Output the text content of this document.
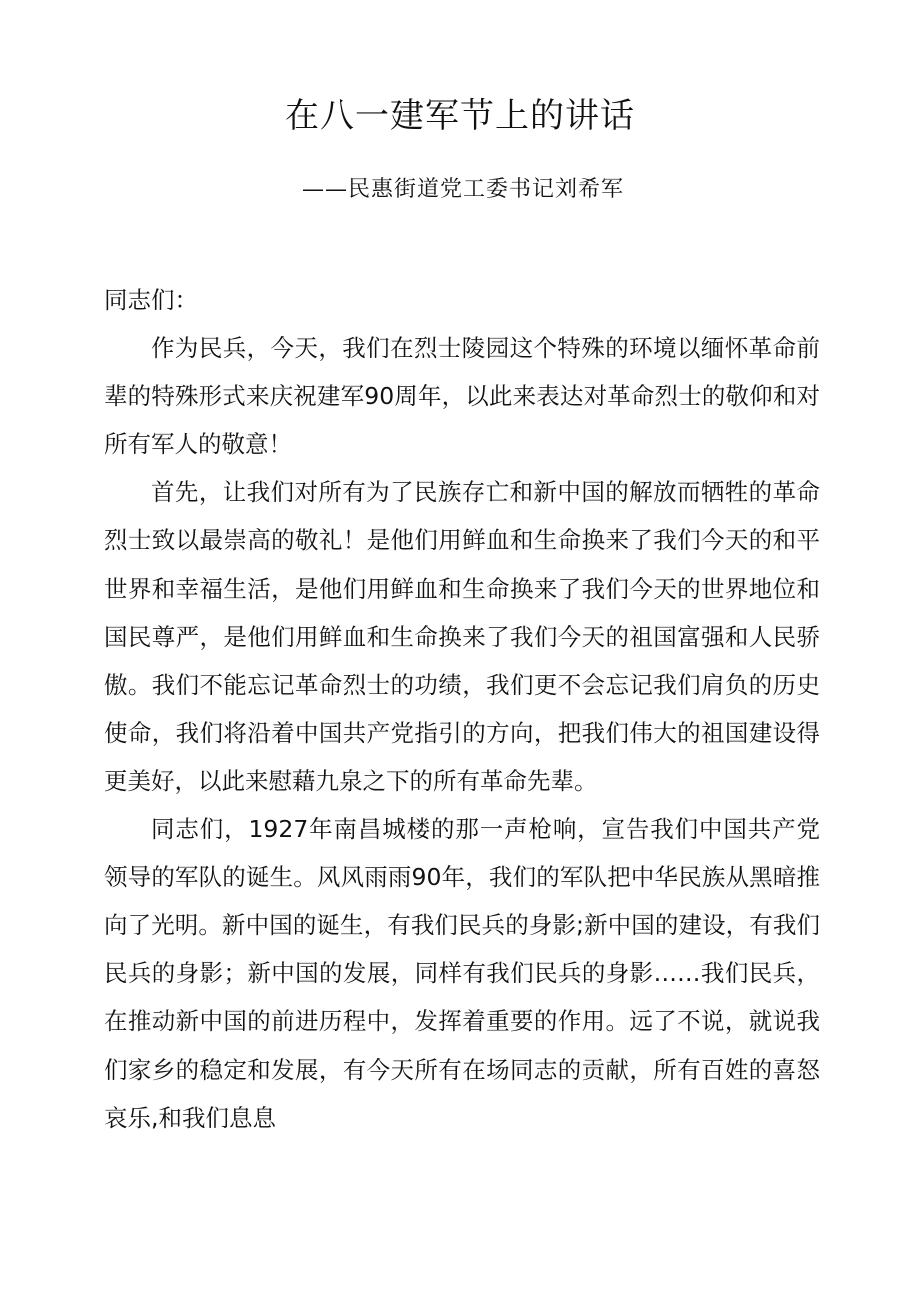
在八一建军节上的讲话

——民惠街道党工委书记刘希军

同志们：

作为民兵，今天，我们在烈士陵园这个特殊的环境以缅怀革命前辈的特殊形式来庆祝建军90周年，以此来表达对革命烈士的敬仰和对所有军人的敬意！

首先，让我们对所有为了民族存亡和新中国的解放而牺牲的革命烈士致以最崇高的敬礼！是他们用鲜血和生命换来了我们今天的和平世界和幸福生活，是他们用鲜血和生命换来了我们今天的世界地位和国民尊严，是他们用鲜血和生命换来了我们今天的祖国富强和人民骄傲。我们不能忘记革命烈士的功绩，我们更不会忘记我们肩负的历史使命，我们将沿着中国共产党指引的方向，把我们伟大的祖国建设得更美好，以此来慰藉九泉之下的所有革命先辈。

同志们，1927年南昌城楼的那一声枪响，宣告我们中国共产党领导的军队的诞生。风风雨雨90年，我们的军队把中华民族从黑暗推向了光明。新中国的诞生，有我们民兵的身影;新中国的建设，有我们民兵的身影；新中国的发展，同样有我们民兵的身影……我们民兵，在推动新中国的前进历程中，发挥着重要的作用。远了不说，就说我们家乡的稳定和发展，有今天所有在场同志的贡献，所有百姓的喜怒哀乐,和我们息息
